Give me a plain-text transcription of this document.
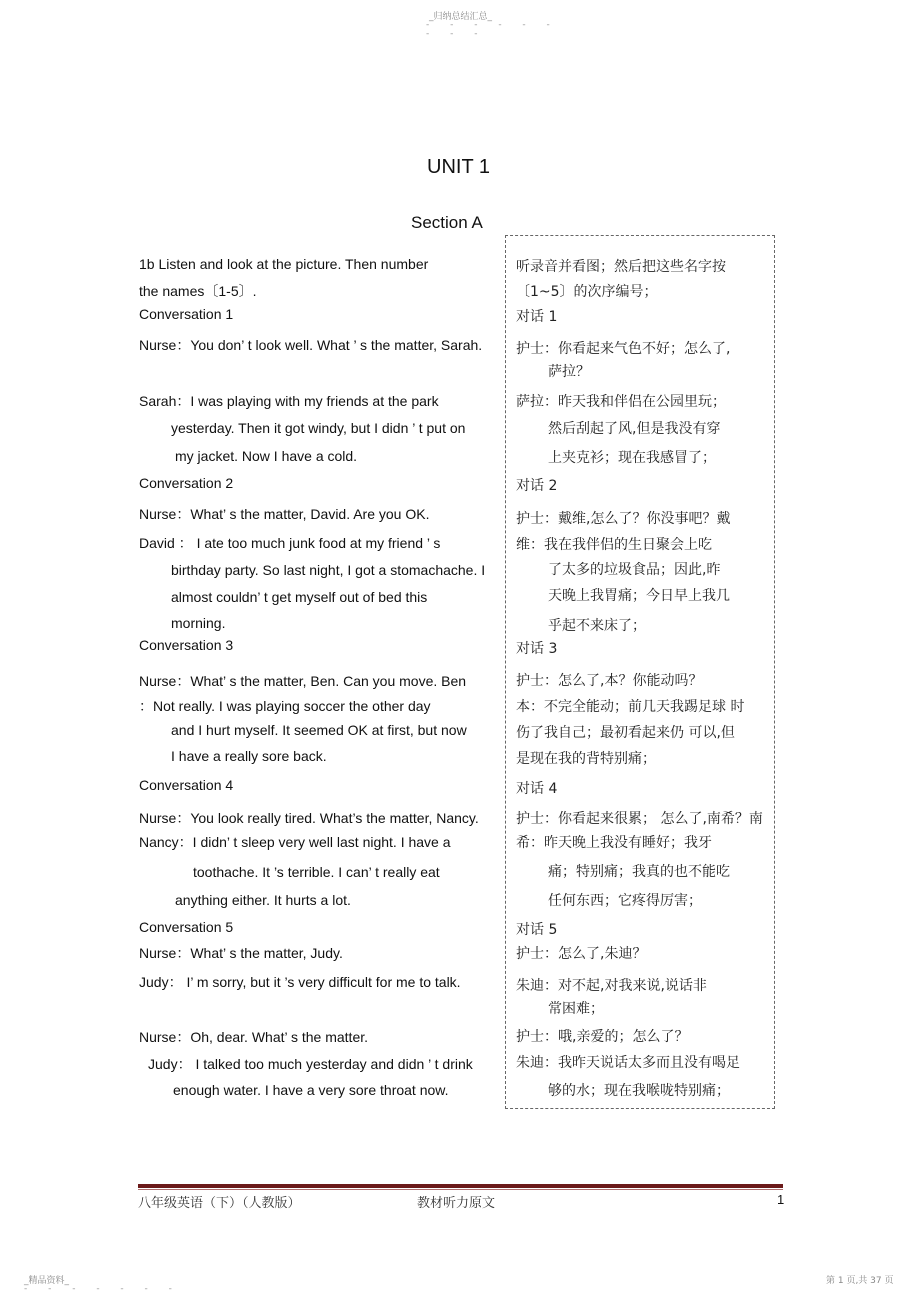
_归纳总结汇总_
- - - - - -
- - -
UNIT 1
Section A
1b Listen and look at the picture. Then number
the names〔1-5〕.
Conversation 1
Nurse：You don’ t look well. What ’ s the matter, Sarah.
Sarah：I was playing with my friends at the park
yesterday. Then it got windy, but I didn ’ t put on
my jacket. Now I have a cold.
Conversation 2
Nurse：What’ s the matter, David. Are you OK.
David ： I ate too much junk food at my friend ’ s
birthday party. So last night, I got a stomachache. I
almost couldn’ t get myself out of bed this
morning.
Conversation 3
Nurse：What’ s the matter, Ben. Can you move. Ben
：Not really. I was playing soccer the other day
and I hurt myself. It seemed OK at first, but now
I have a really sore back.
Conversation 4
Nurse：You look really tired. What’s the matter, Nancy.
Nancy：I didn’ t sleep very well last night. I have a
toothache. It ’s terrible. I can’ t really eat
anything either. It hurts a lot.
Conversation 5
Nurse：What’ s the matter, Judy.
Judy： I’ m sorry, but it ’s very difficult for me to talk.
Nurse：Oh, dear. What’ s the matter.
Judy： I talked too much yesterday and didn ’ t drink
enough water. I have a very sore throat now.
听录音并看图；然后把这些名字按
〔1~5〕的次序编号；
对话 1
护士：你看起来气色不好；怎么了,
萨拉？
萨拉：昨天我和伴侣在公园里玩；
然后刮起了风,但是我没有穿
上夹克衫；现在我感冒了；
对话 2
护士：戴维,怎么了？你没事吧？戴
维：我在我伴侣的生日聚会上吃
了太多的垃圾食品；因此,昨
天晚上我胃痛；今日早上我几
乎起不来床了；
对话 3
护士：怎么了,本？你能动吗？
本：不完全能动；前几天我踢足球 时
伤了我自己；最初看起来仍 可以,但
是现在我的背特别痛；
对话 4
护士：你看起来很累； 怎么了,南希？南
希：昨天晚上我没有睡好；我牙
痛；特别痛；我真的也不能吃
任何东西；它疼得厉害；
对话 5
护士：怎么了,朱迪？
朱迪：对不起,对我来说,说话非
常困难；
护士：哦,亲爱的；怎么了？
朱迪：我昨天说话太多而且没有喝足
够的水；现在我喉咙特别痛；
八年级英语（下）（人教版）	教材听力原文	1
_精品资料_
- - - - - - -
第 1 页,共 37 页
